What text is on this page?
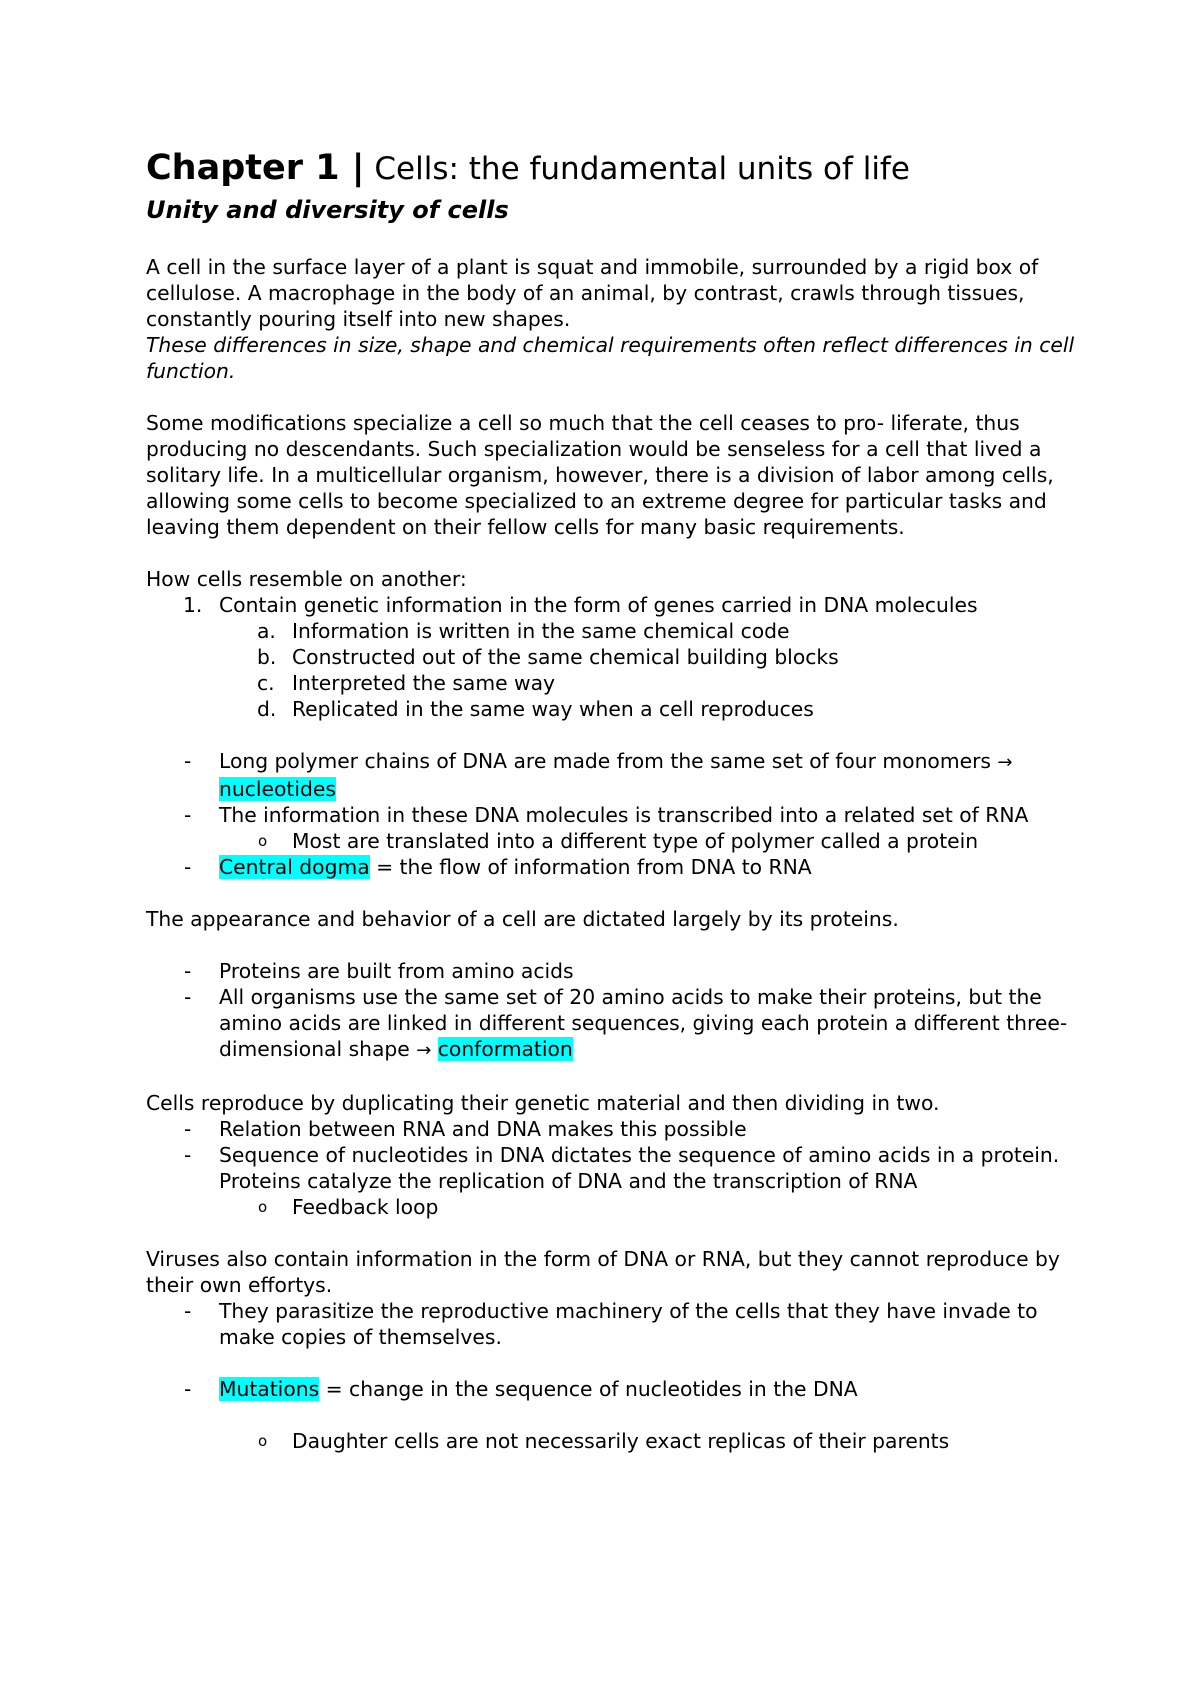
Chapter 1 | Cells: the fundamental units of life

Unity and diversity of cells

A cell in the surface layer of a plant is squat and immobile, surrounded by a rigid box of cellulose. A macrophage in the body of an animal, by contrast, crawls through tissues, constantly pouring itself into new shapes.

These differences in size, shape and chemical requirements often reflect differences in cell function.

Some modifications specialize a cell so much that the cell ceases to pro- liferate, thus producing no descendants. Such specialization would be senseless for a cell that lived a solitary life. In a multicellular organism, however, there is a division of labor among cells, allowing some cells to become specialized to an extreme degree for particular tasks and leaving them dependent on their fellow cells for many basic requirements.

How cells resemble on another:

1. Contain genetic information in the form of genes carried in DNA molecules
a. Information is written in the same chemical code
b. Constructed out of the same chemical building blocks
c. Interpreted the same way
d. Replicated in the same way when a cell reproduces
- Long polymer chains of DNA are made from the same set of four monomers → nucleotides
- The information in these DNA molecules is transcribed into a related set of RNA
o Most are translated into a different type of polymer called a protein
- Central dogma = the flow of information from DNA to RNA

The appearance and behavior of a cell are dictated largely by its proteins.

- Proteins are built from amino acids
- All organisms use the same set of 20 amino acids to make their proteins, but the amino acids are linked in different sequences, giving each protein a different three-dimensional shape → conformation

Cells reproduce by duplicating their genetic material and then dividing in two.

- Relation between RNA and DNA makes this possible
- Sequence of nucleotides in DNA dictates the sequence of amino acids in a protein. Proteins catalyze the replication of DNA and the transcription of RNA
o Feedback loop

Viruses also contain information in the form of DNA or RNA, but they cannot reproduce by their own effortys.

- They parasitize the reproductive machinery of the cells that they have invade to make copies of themselves.
- Mutations = change in the sequence of nucleotides in the DNA
o Daughter cells are not necessarily exact replicas of their parents
